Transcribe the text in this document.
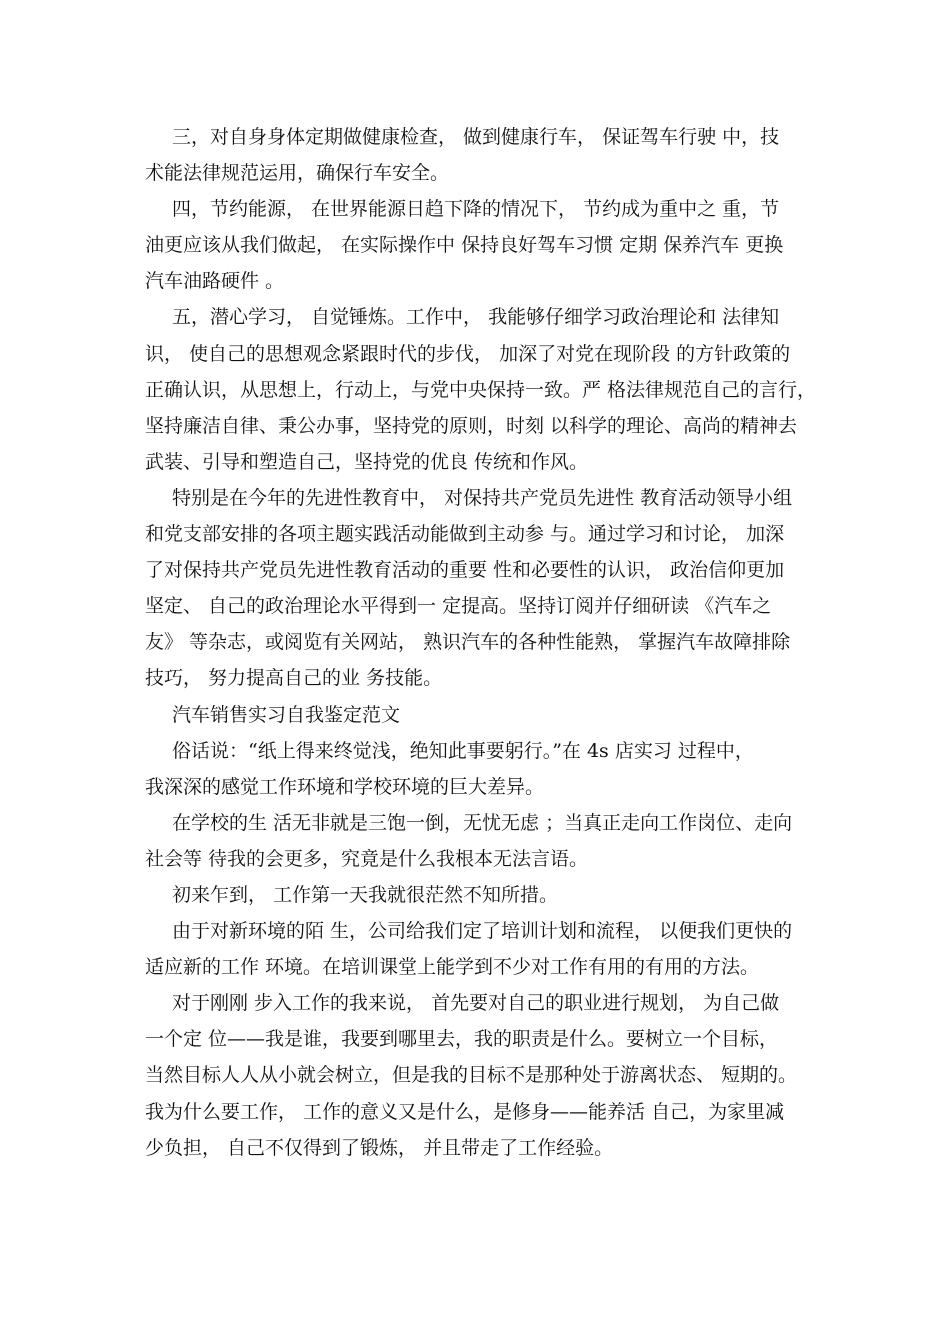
三，对自身身体定期做健康检查， 做到健康行车， 保证驾车行驶 中，技
术能法律规范运用，确保行车安全。
四，节约能源， 在世界能源日趋下降的情况下， 节约成为重中之 重，节
油更应该从我们做起， 在实际操作中 保持良好驾车习惯 定期 保养汽车 更换
汽车油路硬件 。
五，潜心学习， 自觉锤炼。工作中， 我能够仔细学习政治理论和 法律知
识， 使自己的思想观念紧跟时代的步伐， 加深了对党在现阶段 的方针政策的
正确认识，从思想上，行动上，与党中央保持一致。严 格法律规范自己的言行，
坚持廉洁自律、秉公办事，坚持党的原则，时刻 以科学的理论、高尚的精神去
武装、引导和塑造自己，坚持党的优良 传统和作风。
特别是在今年的先进性教育中， 对保持共产党员先进性 教育活动领导小组
和党支部安排的各项主题实践活动能做到主动参 与。通过学习和讨论， 加深
了对保持共产党员先进性教育活动的重要 性和必要性的认识， 政治信仰更加
坚定、 自己的政治理论水平得到一 定提高。坚持订阅并仔细研读 《汽车之
友》 等杂志，或阅览有关网站， 熟识汽车的各种性能熟， 掌握汽车故障排除
技巧， 努力提高自己的业 务技能。
汽车销售实习自我鉴定范文
俗话说：“纸上得来终觉浅，绝知此事要躬行。”在 4s 店实习 过程中，
我深深的感觉工作环境和学校环境的巨大差异。
在学校的生 活无非就是三饱一倒，无忧无虑 ；当真正走向工作岗位、走向
社会等 待我的会更多，究竟是什么我根本无法言语。
初来乍到， 工作第一天我就很茫然不知所措。
由于对新环境的陌 生，公司给我们定了培训计划和流程， 以便我们更快的
适应新的工作 环境。在培训课堂上能学到不少对工作有用的有用的方法。
对于刚刚 步入工作的我来说， 首先要对自己的职业进行规划， 为自己做
一个定 位——我是谁，我要到哪里去，我的职责是什么。要树立一个目标，
当然目标人人从小就会树立，但是我的目标不是那种处于游离状态、 短期的。
我为什么要工作， 工作的意义又是什么，是修身——能养活 自己，为家里减
少负担， 自己不仅得到了锻炼， 并且带走了工作经验。
